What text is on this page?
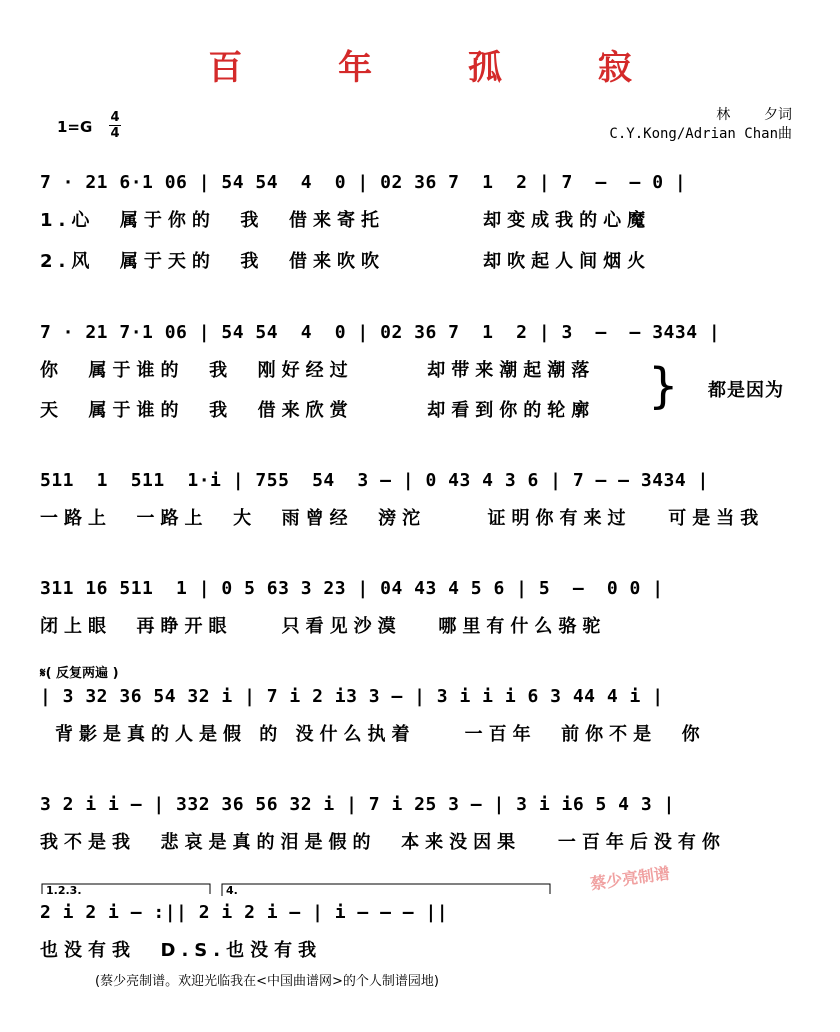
百 年 孤 寂
1=G
4
4
林    夕词
C.Y.Kong/Adrian Chan曲
7 · 21 6·1 06 | 54 54  4  0 | 02 36 7  1  2 | 7  —  — 0 |
1.心  属于你的  我  借来寄托        却变成我的心魔
2.风  属于天的  我  借来吹吹        却吹起人间烟火
7 · 21 7·1 06 | 54 54  4  0 | 02 36 7  1  2 | 3  —  — 3434 |
你  属于谁的  我  刚好经过      却带来潮起潮落
天  属于谁的  我  借来欣赏      却看到你的轮廓 } 都是因为
511  1  511  1·i | 755  54  3 — | 0 43 4 3 6 | 7 — — 3434 |
一路上  一路上  大  雨曾经  滂沱     证明你有来过   可是当我
311 16 511  1 | 0 5 63 3 23 | 04 43 4 5 6 | 5  —  0 0 |
闭上眼  再睁开眼    只看见沙漠   哪里有什么骆驼
𝄋( 反复两遍 )
| 3 32 36 54 32 i | 7 i 2 i3 3 — | 3 i i i 6 3 44 4 i |
背影是真的人是假 的 没什么执着    一百年  前你不是  你
3 2 i i — | 332 36 56 32 i | 7 i 25 3 — | 3 i i6 5 4 3 |
我不是我  悲哀是真的泪是假的  本来没因果   一百年后没有你
1.2.3.	4.
2 i 2 i — :|| 2 i 2 i — | i — — — ||
也没有我  D.S.也没有我
蔡少亮制谱
(蔡少亮制谱。欢迎光临我在<中国曲谱网>的个人制谱园地)
